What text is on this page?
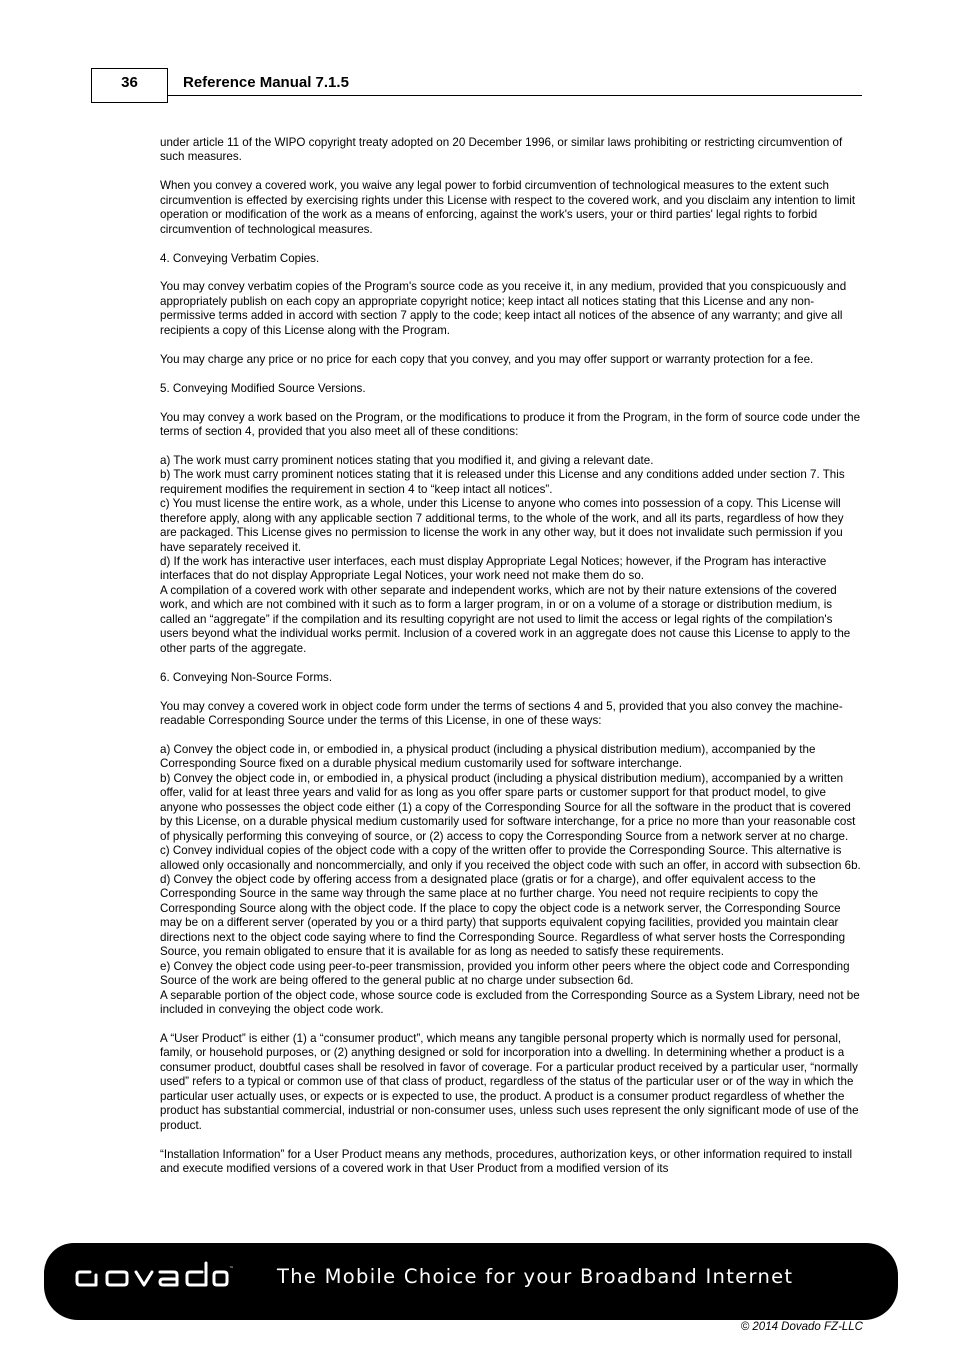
36	Reference Manual 7.1.5

under article 11 of the WIPO copyright treaty adopted on 20 December 1996, or similar laws prohibiting or restricting circumvention of such measures.

When you convey a covered work, you waive any legal power to forbid circumvention of technological measures to the extent such circumvention is effected by exercising rights under this License with respect to the covered work, and you disclaim any intention to limit operation or modification of the work as a means of enforcing, against the work's users, your or third parties' legal rights to forbid circumvention of technological measures.

4. Conveying Verbatim Copies.

You may convey verbatim copies of the Program's source code as you receive it, in any medium, provided that you conspicuously and appropriately publish on each copy an appropriate copyright notice; keep intact all notices stating that this License and any non-permissive terms added in accord with section 7 apply to the code; keep intact all notices of the absence of any warranty; and give all recipients a copy of this License along with the Program.

You may charge any price or no price for each copy that you convey, and you may offer support or warranty protection for a fee.

5. Conveying Modified Source Versions.

You may convey a work based on the Program, or the modifications to produce it from the Program, in the form of source code under the terms of section 4, provided that you also meet all of these conditions:

a) The work must carry prominent notices stating that you modified it, and giving a relevant date.

b) The work must carry prominent notices stating that it is released under this License and any conditions added under section 7. This requirement modifies the requirement in section 4 to “keep intact all notices”.

c) You must license the entire work, as a whole, under this License to anyone who comes into possession of a copy. This License will therefore apply, along with any applicable section 7 additional terms, to the whole of the work, and all its parts, regardless of how they are packaged. This License gives no permission to license the work in any other way, but it does not invalidate such permission if you have separately received it.

d) If the work has interactive user interfaces, each must display Appropriate Legal Notices; however, if the Program has interactive interfaces that do not display Appropriate Legal Notices, your work need not make them do so.

A compilation of a covered work with other separate and independent works, which are not by their nature extensions of the covered work, and which are not combined with it such as to form a larger program, in or on a volume of a storage or distribution medium, is called an “aggregate” if the compilation and its resulting copyright are not used to limit the access or legal rights of the compilation's users beyond what the individual works permit. Inclusion of a covered work in an aggregate does not cause this License to apply to the other parts of the aggregate.

6. Conveying Non-Source Forms.

You may convey a covered work in object code form under the terms of sections 4 and 5, provided that you also convey the machine-readable Corresponding Source under the terms of this License, in one of these ways:

a) Convey the object code in, or embodied in, a physical product (including a physical distribution medium), accompanied by the Corresponding Source fixed on a durable physical medium customarily used for software interchange.

b) Convey the object code in, or embodied in, a physical product (including a physical distribution medium), accompanied by a written offer, valid for at least three years and valid for as long as you offer spare parts or customer support for that product model, to give anyone who possesses the object code either (1) a copy of the Corresponding Source for all the software in the product that is covered by this License, on a durable physical medium customarily used for software interchange, for a price no more than your reasonable cost of physically performing this conveying of source, or (2) access to copy the Corresponding Source from a network server at no charge.

c) Convey individual copies of the object code with a copy of the written offer to provide the Corresponding Source. This alternative is allowed only occasionally and noncommercially, and only if you received the object code with such an offer, in accord with subsection 6b.

d) Convey the object code by offering access from a designated place (gratis or for a charge), and offer equivalent access to the Corresponding Source in the same way through the same place at no further charge. You need not require recipients to copy the Corresponding Source along with the object code. If the place to copy the object code is a network server, the Corresponding Source may be on a different server (operated by you or a third party) that supports equivalent copying facilities, provided you maintain clear directions next to the object code saying where to find the Corresponding Source. Regardless of what server hosts the Corresponding Source, you remain obligated to ensure that it is available for as long as needed to satisfy these requirements.

e) Convey the object code using peer-to-peer transmission, provided you inform other peers where the object code and Corresponding Source of the work are being offered to the general public at no charge under subsection 6d.

A separable portion of the object code, whose source code is excluded from the Corresponding Source as a System Library, need not be included in conveying the object code work.

A “User Product” is either (1) a “consumer product”, which means any tangible personal property which is normally used for personal, family, or household purposes, or (2) anything designed or sold for incorporation into a dwelling. In determining whether a product is a consumer product, doubtful cases shall be resolved in favor of coverage. For a particular product received by a particular user, “normally used” refers to a typical or common use of that class of product, regardless of the status of the particular user or of the way in which the particular user actually uses, or expects or is expected to use, the product. A product is a consumer product regardless of whether the product has substantial commercial, industrial or non-consumer uses, unless such uses represent the only significant mode of use of the product.

“Installation Information” for a User Product means any methods, procedures, authorization keys, or other information required to install and execute modified versions of a covered work in that User Product from a modified version of its

™ The Mobile Choice for your Broadband Internet
© 2014 Dovado FZ-LLC
